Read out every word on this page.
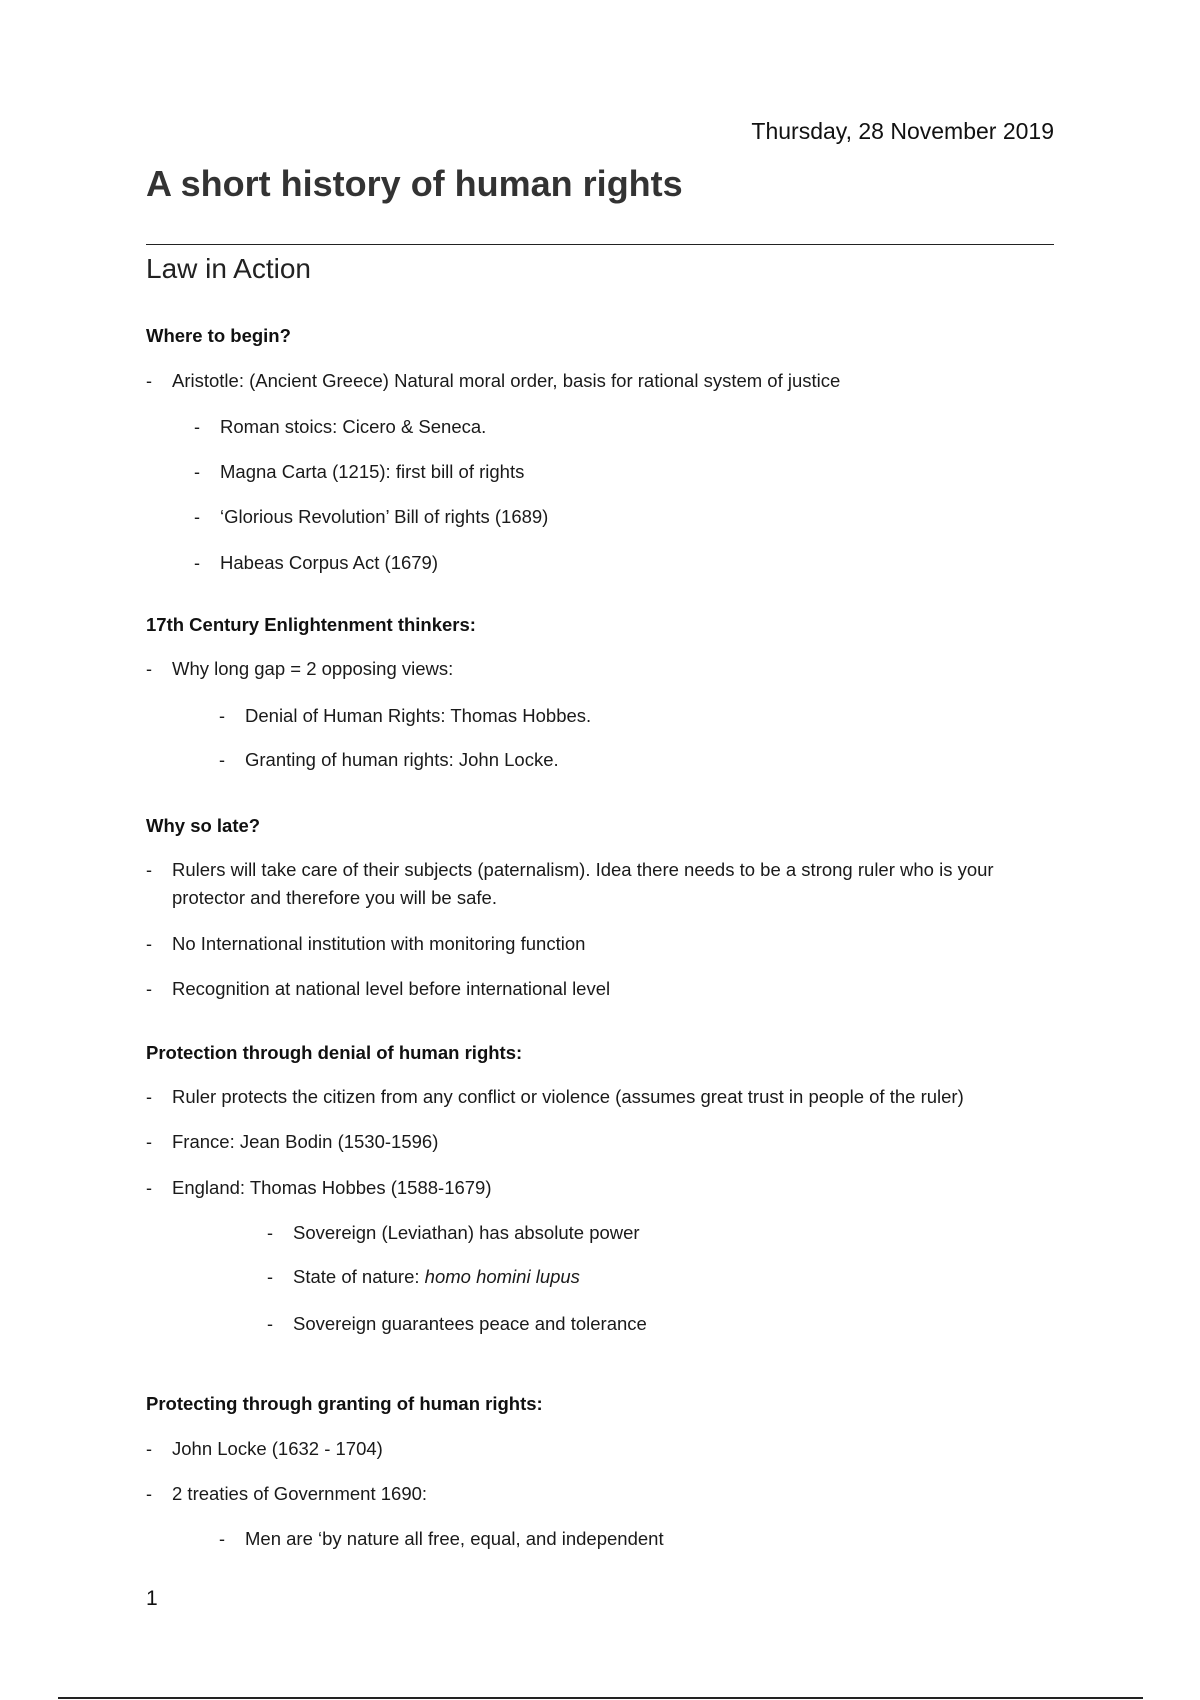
Thursday, 28 November 2019
A short history of human rights
Law in Action
Where to begin?
- Aristotle: (Ancient Greece) Natural moral order, basis for rational system of justice
- Roman stoics: Cicero & Seneca.
- Magna Carta (1215): first bill of rights
- ‘Glorious Revolution’ Bill of rights (1689)
- Habeas Corpus Act (1679)
17th Century Enlightenment thinkers:
- Why long gap = 2 opposing views:
- Denial of Human Rights: Thomas Hobbes.
- Granting of human rights: John Locke.
Why so late?
- Rulers will take care of their subjects (paternalism). Idea there needs to be a strong ruler who is your protector and therefore you will be safe.
- No International institution with monitoring function
- Recognition at national level before international level
Protection through denial of human rights:
- Ruler protects the citizen from any conflict or violence (assumes great trust in people of the ruler)
- France: Jean Bodin (1530-1596)
- England: Thomas Hobbes (1588-1679)
- Sovereign (Leviathan) has absolute power
- State of nature: homo homini lupus
- Sovereign guarantees peace and tolerance
Protecting through granting of human rights:
- John Locke (1632 - 1704)
- 2 treaties of Government 1690:
- Men are ‘by nature all free, equal, and independent
1
